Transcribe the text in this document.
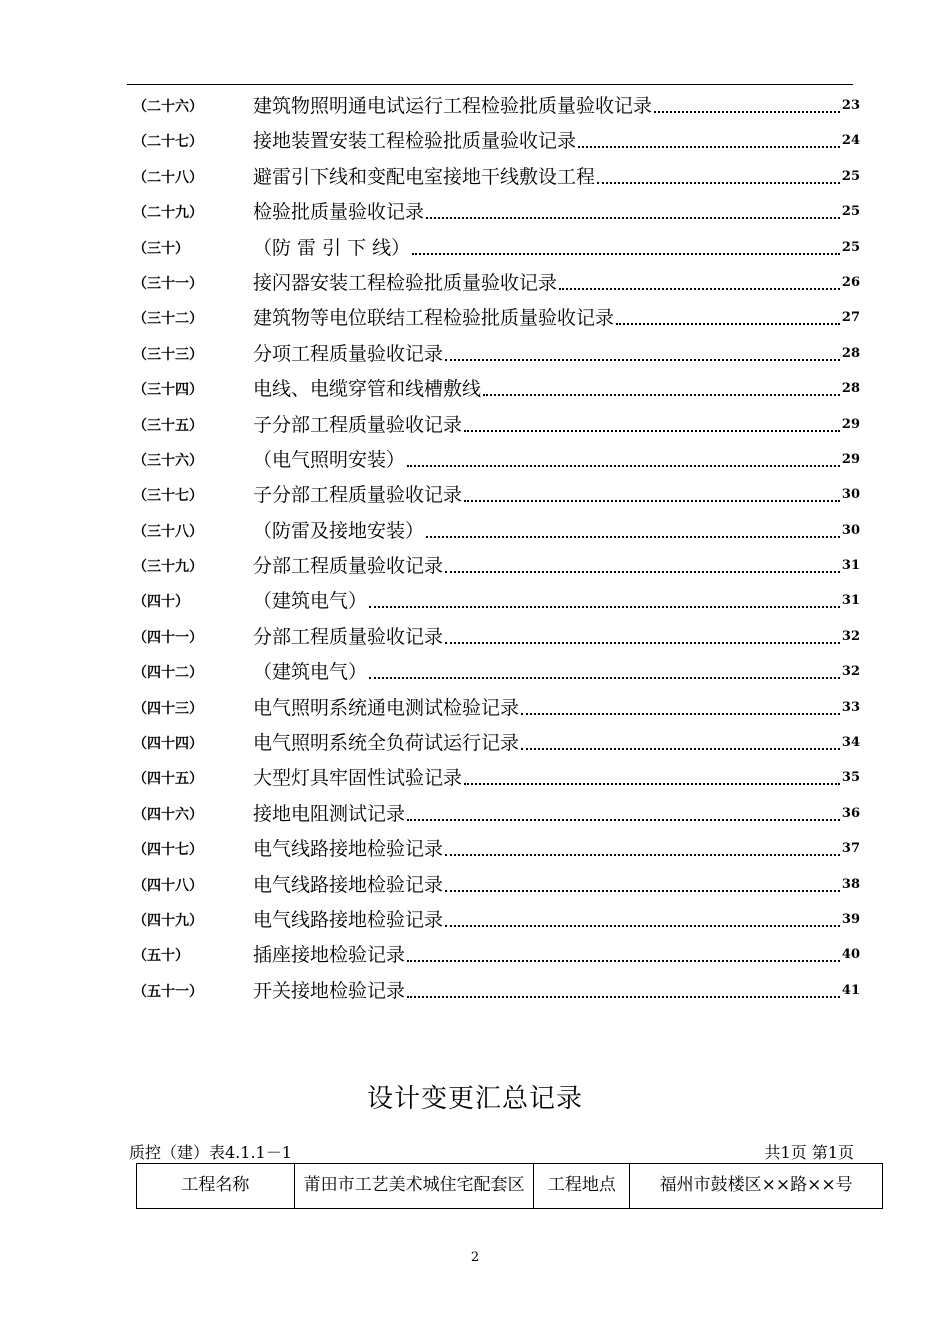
（二十六）	建筑物照明通电试运行工程检验批质量验收记录	23
（二十七）	接地装置安装工程检验批质量验收记录	24
（二十八）	避雷引下线和变配电室接地干线敷设工程	25
（二十九）	检验批质量验收记录	25
（三十）	（防 雷 引 下 线）	25
（三十一）	接闪器安装工程检验批质量验收记录	26
（三十二）	建筑物等电位联结工程检验批质量验收记录	27
（三十三）	分项工程质量验收记录	28
（三十四）	电线、电缆穿管和线槽敷线	28
（三十五）	子分部工程质量验收记录	29
（三十六）	（电气照明安装）	29
（三十七）	子分部工程质量验收记录	30
（三十八）	（防雷及接地安装）	30
（三十九）	分部工程质量验收记录	31
（四十）	（建筑电气）	31
（四十一）	分部工程质量验收记录	32
（四十二）	（建筑电气）	32
（四十三）	电气照明系统通电测试检验记录	33
（四十四）	电气照明系统全负荷试运行记录	34
（四十五）	大型灯具牢固性试验记录	35
（四十六）	接地电阻测试记录	36
（四十七）	电气线路接地检验记录	37
（四十八）	电气线路接地检验记录	38
（四十九）	电气线路接地检验记录	39
（五十）	插座接地检验记录	40
（五十一）	开关接地检验记录	41
设计变更汇总记录
质控（建）表4.1.1－1	共1页 第1页
工程名称	莆田市工艺美术城住宅配套区	工程地点	福州市鼓楼区××路××号
2
